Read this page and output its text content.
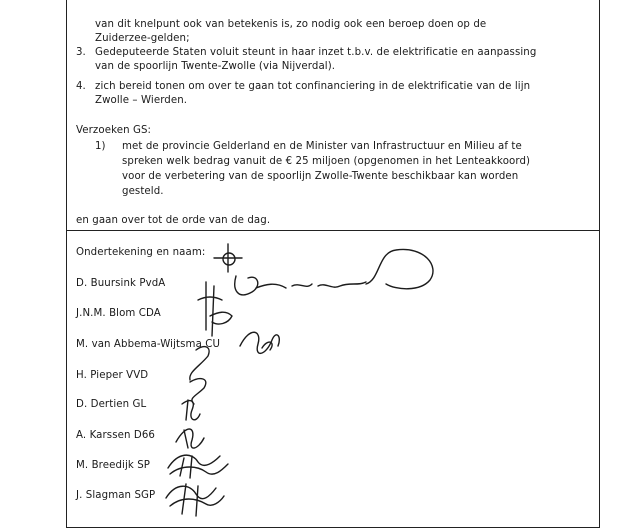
van dit knelpunt ook van betekenis is, zo nodig ook een beroep doen op de
Zuiderzee-gelden;
3. Gedeputeerde Staten voluit steunt in haar inzet t.b.v. de elektrificatie en aanpassing
van de spoorlijn Twente-Zwolle (via Nijverdal).
4. zich bereid tonen om over te gaan tot confinanciering in de elektrificatie van de lijn
Zwolle – Wierden.
Verzoeken GS:
1) met de provincie Gelderland en de Minister van Infrastructuur en Milieu af te
spreken welk bedrag vanuit de € 25 miljoen (opgenomen in het Lenteakkoord)
voor de verbetering van de spoorlijn Zwolle-Twente beschikbaar kan worden
gesteld.
en gaan over tot de orde van de dag.
Ondertekening en naam:
D. Buursink PvdA
J.N.M. Blom CDA
M. van Abbema-Wijtsma CU
H. Pieper VVD
D. Dertien GL
A. Karssen D66
M. Breedijk SP
J. Slagman SGP
